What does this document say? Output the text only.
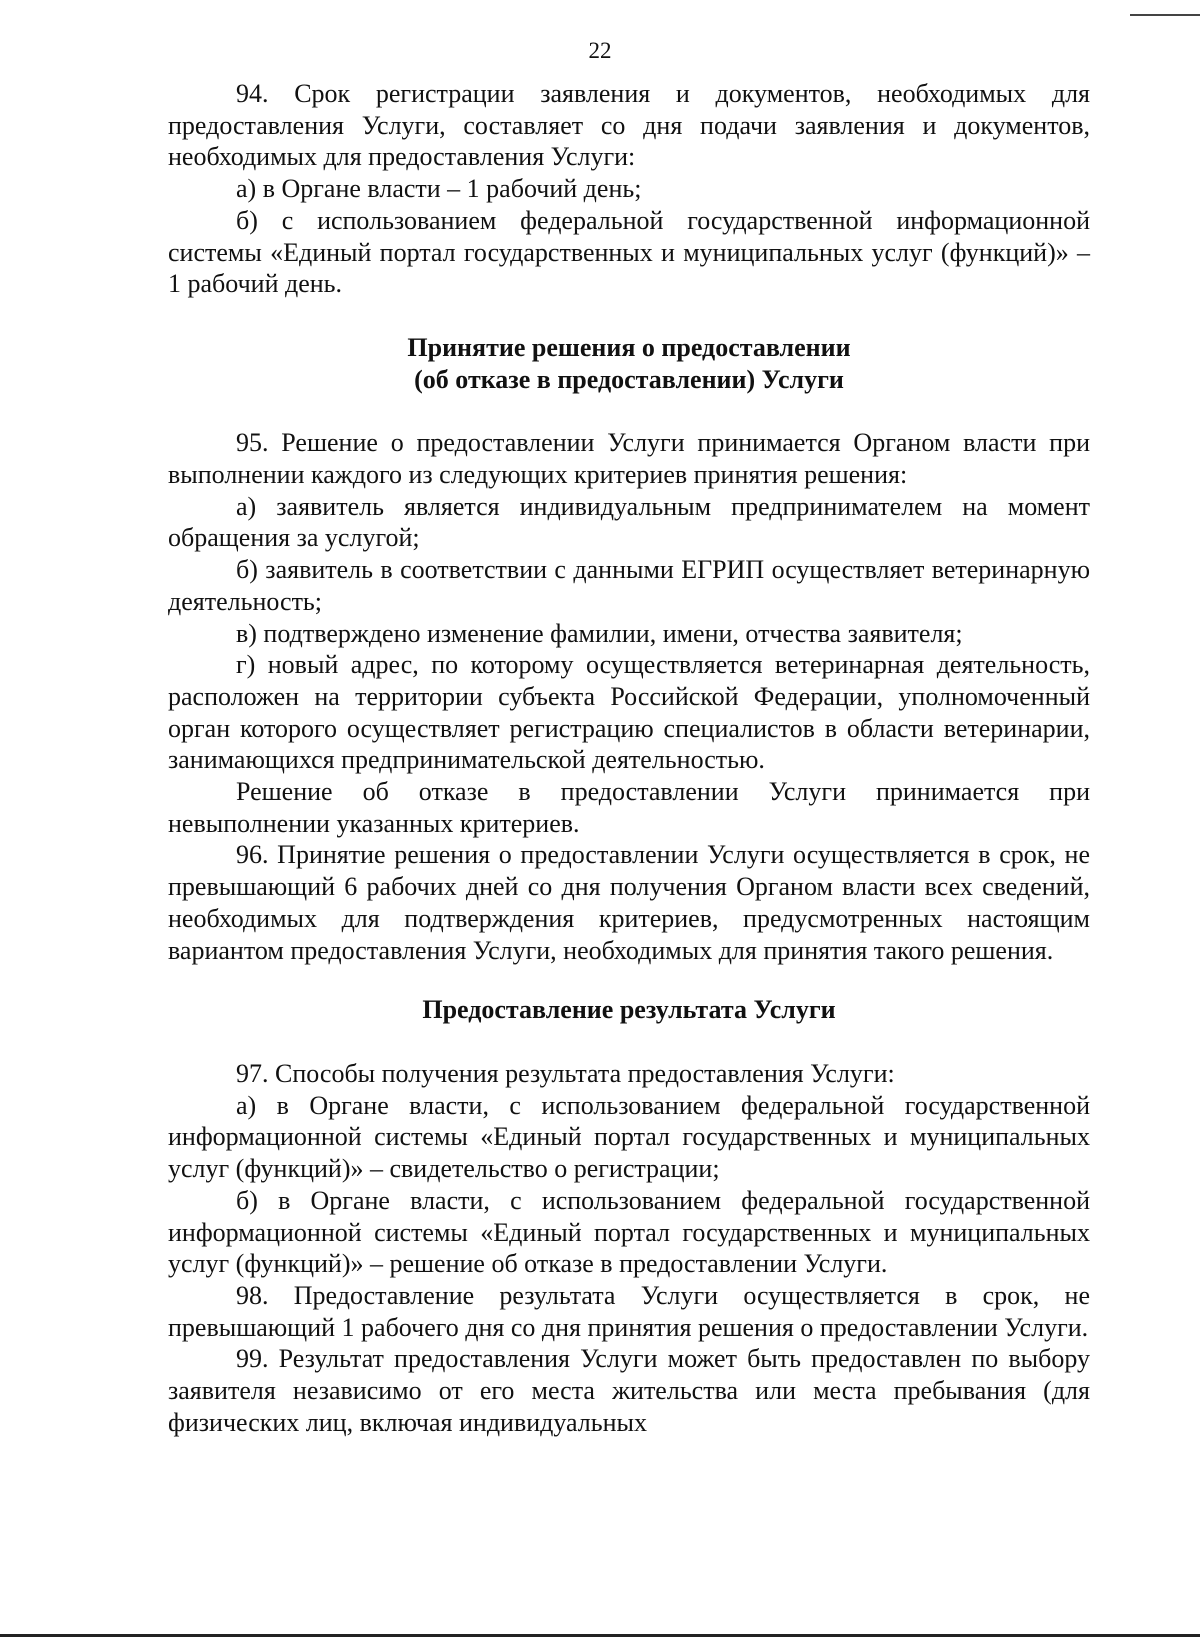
22

94. Срок регистрации заявления и документов, необходимых для предоставления Услуги, составляет со дня подачи заявления и документов, необходимых для предоставления Услуги:

а) в Органе власти – 1 рабочий день;

б) с использованием федеральной государственной информационной системы «Единый портал государственных и муниципальных услуг (функций)» – 1 рабочий день.

Принятие решения о предоставлении
(об отказе в предоставлении) Услуги

95. Решение о предоставлении Услуги принимается Органом власти при выполнении каждого из следующих критериев принятия решения:

а) заявитель является индивидуальным предпринимателем на момент обращения за услугой;

б) заявитель в соответствии с данными ЕГРИП осуществляет ветеринарную деятельность;

в) подтверждено изменение фамилии, имени, отчества заявителя;

г) новый адрес, по которому осуществляется ветеринарная деятельность, расположен на территории субъекта Российской Федерации, уполномоченный орган которого осуществляет регистрацию специалистов в области ветеринарии, занимающихся предпринимательской деятельностью.

Решение об отказе в предоставлении Услуги принимается при невыполнении указанных критериев.

96. Принятие решения о предоставлении Услуги осуществляется в срок, не превышающий 6 рабочих дней со дня получения Органом власти всех сведений, необходимых для подтверждения критериев, предусмотренных настоящим вариантом предоставления Услуги, необходимых для принятия такого решения.

Предоставление результата Услуги

97. Способы получения результата предоставления Услуги:

а) в Органе власти, с использованием федеральной государственной информационной системы «Единый портал государственных и муниципальных услуг (функций)» – свидетельство о регистрации;

б) в Органе власти, с использованием федеральной государственной информационной системы «Единый портал государственных и муниципальных услуг (функций)» – решение об отказе в предоставлении Услуги.

98. Предоставление результата Услуги осуществляется в срок, не превышающий 1 рабочего дня со дня принятия решения о предоставлении Услуги.

99. Результат предоставления Услуги может быть предоставлен по выбору заявителя независимо от его места жительства или места пребывания (для физических лиц, включая индивидуальных
